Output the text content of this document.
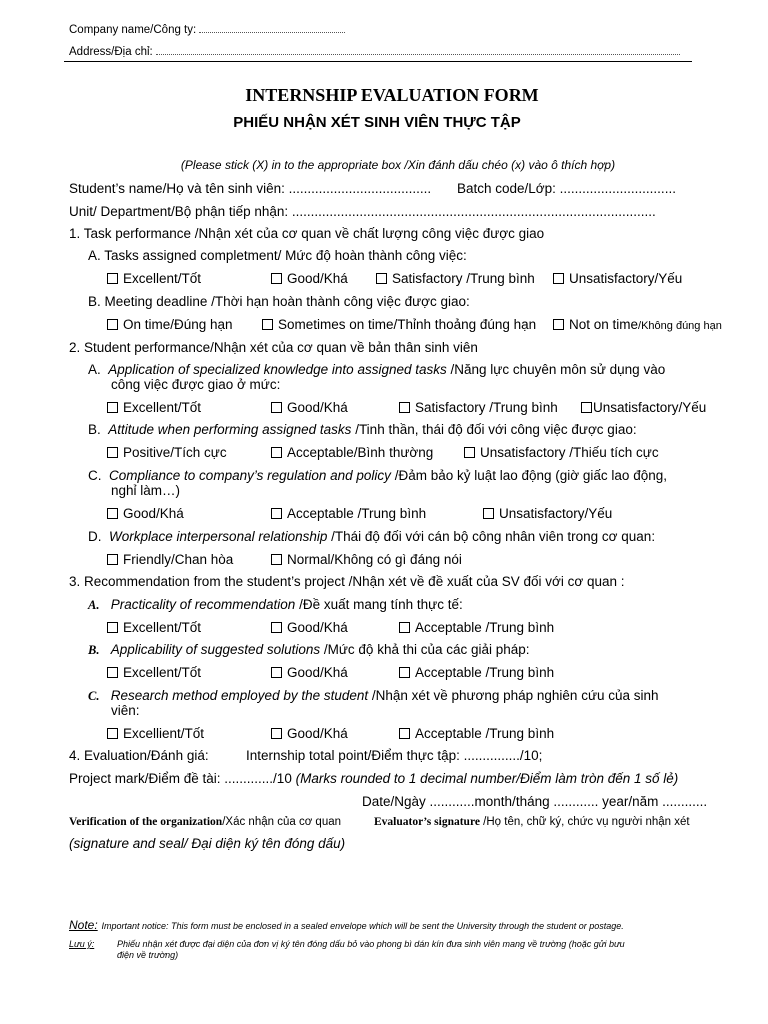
Company name/Công ty:
Address/Địa chỉ:
INTERNSHIP EVALUATION FORM
PHIẾU NHẬN XÉT SINH VIÊN THỰC TẬP
(Please stick (X) in to the appropriate box /Xin đánh dấu chéo (x) vào ô thích hợp)
Student’s name/Họ và tên sinh viên: ...................................... Batch code/Lớp: ...............................
Unit/ Department/Bộ phận tiếp nhận: .................................................................................................
1. Task performance /Nhận xét của cơ quan về chất lượng công việc được giao
A. Tasks assigned completment/ Mức độ hoàn thành công việc:
Excellent/Tốt	Good/Khá	Satisfactory /Trung bình	Unsatisfactory/Yếu
B. Meeting deadline /Thời hạn hoàn thành công việc được giao:
On time/Đúng hạn	Sometimes on time/Thỉnh thoảng đúng hạn	Not on time/Không đúng hạn
2. Student performance/Nhận xét của cơ quan về bản thân sinh viên
A. Application of specialized knowledge into assigned tasks /Năng lực chuyên môn sử dụng vào
công việc được giao ở mức:
Excellent/Tốt	Good/Khá	Satisfactory /Trung bình	Unsatisfactory/Yếu
B. Attitude when performing assigned tasks /Tinh thần, thái độ đối với công việc được giao:
Positive/Tích cực	Acceptable/Bình thường	Unsatisfactory /Thiếu tích cực
C. Compliance to company’s regulation and policy /Đảm bảo kỷ luật lao động (giờ giấc lao động,
nghỉ làm…)
Good/Khá	Acceptable /Trung bình	Unsatisfactory/Yếu
D. Workplace interpersonal relationship /Thái độ đối với cán bộ công nhân viên trong cơ quan:
Friendly/Chan hòa	Normal/Không có gì đáng nói
3. Recommendation from the student’s project /Nhận xét về đề xuất của SV đối với cơ quan :
A. Practicality of recommendation /Đề xuất mang tính thực tế:
Excellent/Tốt	Good/Khá	Acceptable /Trung bình
B. Applicability of suggested solutions /Mức độ khả thi của các giải pháp:
Excellent/Tốt	Good/Khá	Acceptable /Trung bình
C. Research method employed by the student /Nhận xét về phương pháp nghiên cứu của sinh
viên:
Excellient/Tốt	Good/Khá	Acceptable /Trung bình
4. Evaluation/Đánh giá:	Internship total point/Điểm thực tập: .............../10;
Project mark/Điểm đề tài: ............./10 (Marks rounded to 1 decimal number/Điểm làm tròn đến 1 số lẻ)
Date/Ngày ............month/tháng ............ year/năm ............
Verification of the organization/Xác nhận của cơ quan	Evaluator’s signature /Họ tên, chữ ký, chức vụ người nhận xét
(signature and seal/ Đại diện ký tên đóng dấu)
Note: Important notice: This form must be enclosed in a sealed envelope which will be sent the University through the student or postage.
Lưu ý:	Phiếu nhận xét được đại diện của đơn vị ký tên đóng dấu bỏ vào phong bì dán kín đưa sinh viên mang về trường (hoặc gửi bưu
điện về trường)
